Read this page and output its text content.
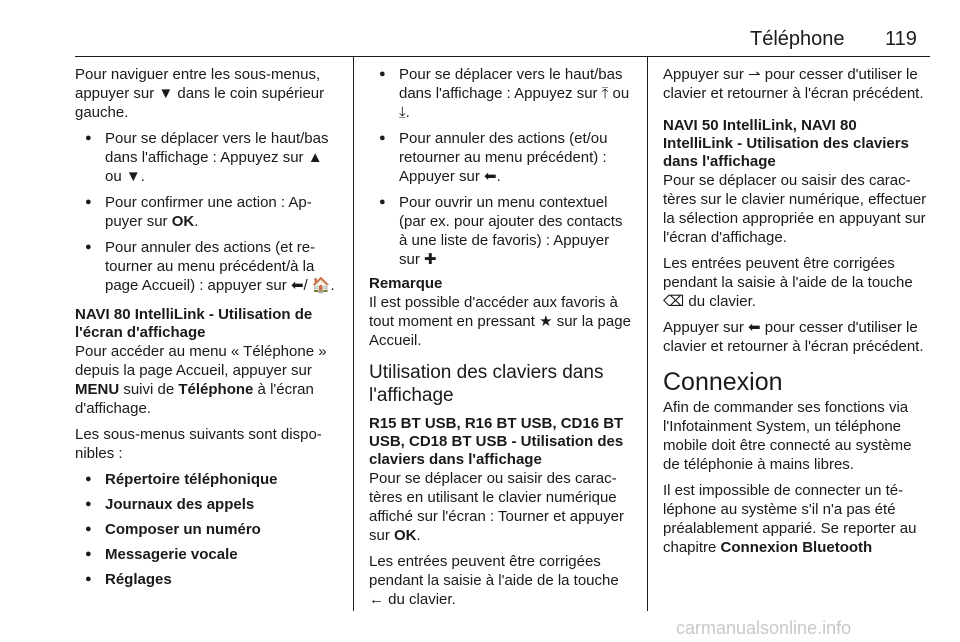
Téléphone 119

Pour naviguer entre les sous-menus, appuyer sur ▼ dans le coin supérieur gauche.

● Pour se déplacer vers le haut/bas dans l'affichage : Appuyez sur ▲ ou ▼.
● Pour confirmer une action : Appuyer sur OK.
● Pour annuler des actions (et retourner au menu précédent/à la page Accueil) : appuyer sur ⬅/ 🏠.
NAVI 80 IntelliLink - Utilisation de l'écran d'affichage

Pour accéder au menu « Téléphone » depuis la page Accueil, appuyer sur MENU suivi de Téléphone à l'écran d'affichage.

Les sous-menus suivants sont disponibles :

● Répertoire téléphonique
● Journaux des appels
● Composer un numéro
● Messagerie vocale
● Réglages
● Pour se déplacer vers le haut/bas dans l'affichage : Appuyez sur ⤒ ou ⤓.
● Pour annuler des actions (et/ou retourner au menu précédent) : Appuyer sur ⬅.
● Pour ouvrir un menu contextuel (par ex. pour ajouter des contacts à une liste de favoris) : Appuyer sur ✚
Remarque

Il est possible d'accéder aux favoris à tout moment en pressant ★ sur la page Accueil.

Utilisation des claviers dans l'affichage
R15 BT USB, R16 BT USB, CD16 BT USB, CD18 BT USB - Utilisation des claviers dans l'affichage

Pour se déplacer ou saisir des caractères en utilisant le clavier numérique affiché sur l'écran : Tourner et appuyer sur OK.

Les entrées peuvent être corrigées pendant la saisie à l'aide de la touche ← du clavier.

Appuyer sur ⇀ pour cesser d'utiliser le clavier et retourner à l'écran précédent.

NAVI 50 IntelliLink, NAVI 80 IntelliLink - Utilisation des claviers dans l'affichage

Pour se déplacer ou saisir des caractères sur le clavier numérique, effectuer la sélection appropriée en appuyant sur l'écran d'affichage.

Les entrées peuvent être corrigées pendant la saisie à l'aide de la touche ⌫ du clavier.

Appuyer sur ⬅ pour cesser d'utiliser le clavier et retourner à l'écran précédent.

Connexion

Afin de commander ses fonctions via l'Infotainment System, un téléphone mobile doit être connecté au système de téléphonie à mains libres.

Il est impossible de connecter un téléphone au système s'il n'a pas été préalablement apparié. Se reporter au chapitre Connexion Bluetooth

carmanualsonline.info
